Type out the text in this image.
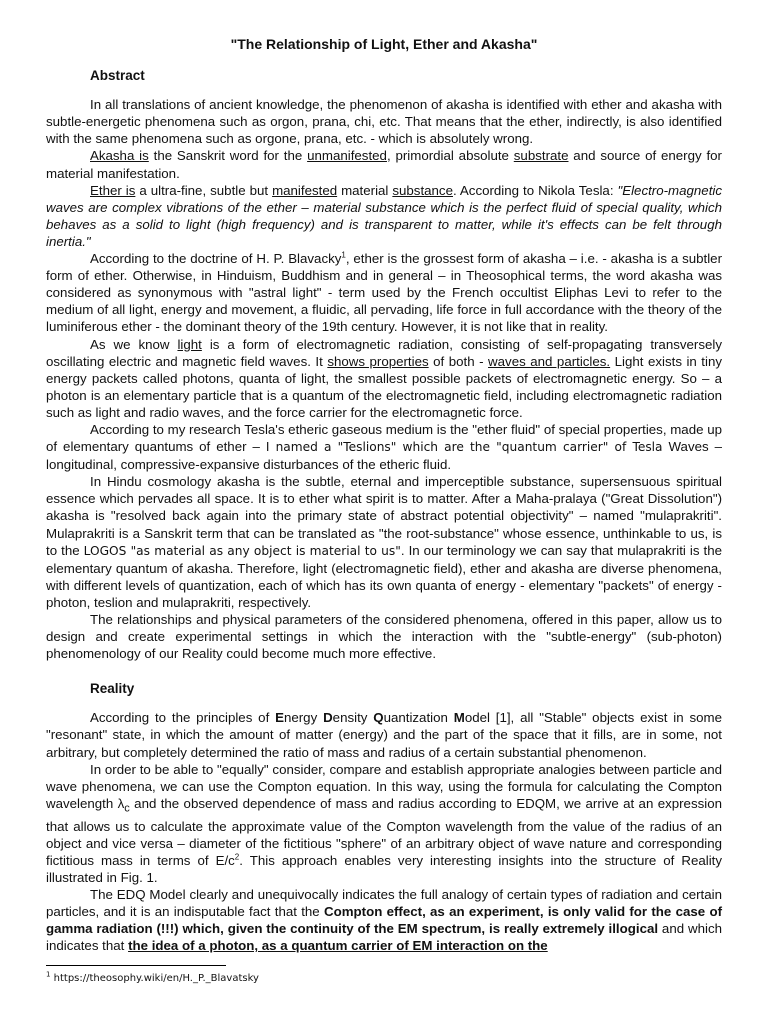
"The Relationship of Light, Ether and Akasha"
Abstract

In all translations of ancient knowledge, the phenomenon of akasha is identified with ether and akasha with subtle-energetic phenomena such as orgon, prana, chi, etc. That means that the ether, indirectly, is also identified with the same phenomena such as orgone, prana, etc. - which is absolutely wrong.

Akasha is the Sanskrit word for the unmanifested, primordial absolute substrate and source of energy for material manifestation.

Ether is a ultra-fine, subtle but manifested material substance. According to Nikola Tesla: "Electro-magnetic waves are complex vibrations of the ether – material substance which is the perfect fluid of special quality, which behaves as a solid to light (high frequency) and is transparent to matter, while it's effects can be felt through inertia."

According to the doctrine of H. P. Blavacky$^1$, ether is the grossest form of akasha – i.e. - akasha is a subtler form of ether. Otherwise, in Hinduism, Buddhism and in general – in Theosophical terms, the word akasha was considered as synonymous with "astral light" - term used by the French occultist Eliphas Levi to refer to the medium of all light, energy and movement, a fluidic, all pervading, life force in full accordance with the theory of the luminiferous ether - the dominant theory of the 19th century. However, it is not like that in reality.

As we know light is a form of electromagnetic radiation, consisting of self-propagating transversely oscillating electric and magnetic field waves. It shows properties of both - waves and particles. Light exists in tiny energy packets called photons, quanta of light, the smallest possible packets of electromagnetic energy. So – a photon is an elementary particle that is a quantum of the electromagnetic field, including electromagnetic radiation such as light and radio waves, and the force carrier for the electromagnetic force.

According to my research Tesla's etheric gaseous medium is the "ether fluid" of special properties, made up of elementary quantums of ether – I named a "Teslions" which are the "quantum carrier" of Tesla Waves – longitudinal, compressive-expansive disturbances of the etheric fluid.

In Hindu cosmology akasha is the subtle, eternal and imperceptible substance, supersensuous spiritual essence which pervades all space. It is to ether what spirit is to matter. After a Maha-pralaya ("Great Dissolution") akasha is "resolved back again into the primary state of abstract potential objectivity" – named "mulaprakriti". Mulaprakriti is a Sanskrit term that can be translated as "the root-substance" whose essence, unthinkable to us, is to the LOGOS "as material as any object is material to us". In our terminology we can say that mulaprakriti is the elementary quantum of akasha. Therefore, light (electromagnetic field), ether and akasha are diverse phenomena, with different levels of quantization, each of which has its own quanta of energy - elementary "packets" of energy - photon, teslion and mulaprakriti, respectively.

The relationships and physical parameters of the considered phenomena, offered in this paper, allow us to design and create experimental settings in which the interaction with the "subtle-energy" (sub-photon) phenomenology of our Reality could become much more effective.

Reality

According to the principles of Energy Density Quantization Model [1], all "Stable" objects exist in some "resonant" state, in which the amount of matter (energy) and the part of the space that it fills, are in some, not arbitrary, but completely determined the ratio of mass and radius of a certain substantial phenomenon.

In order to be able to "equally" consider, compare and establish appropriate analogies between particle and wave phenomena, we can use the Compton equation. In this way, using the formula for calculating the Compton wavelength $\lambda_c$ and the observed dependence of mass and radius according to EDQM, we arrive at an expression that allows us to calculate the approximate value of the Compton wavelength from the value of the radius of an object and vice versa – diameter of the fictitious "sphere" of an arbitrary object of wave nature and corresponding fictitious mass in terms of $E/c^2$. This approach enables very interesting insights into the structure of Reality illustrated in Fig. 1.

The EDQ Model clearly and unequivocally indicates the full analogy of certain types of radiation and certain particles, and it is an indisputable fact that the Compton effect, as an experiment, is only valid for the case of gamma radiation (!!!) which, given the continuity of the EM spectrum, is really extremely illogical and which indicates that the idea of a photon, as a quantum carrier of EM interaction on the

$^1$ https://theosophy.wiki/en/H._P._Blavatsky
